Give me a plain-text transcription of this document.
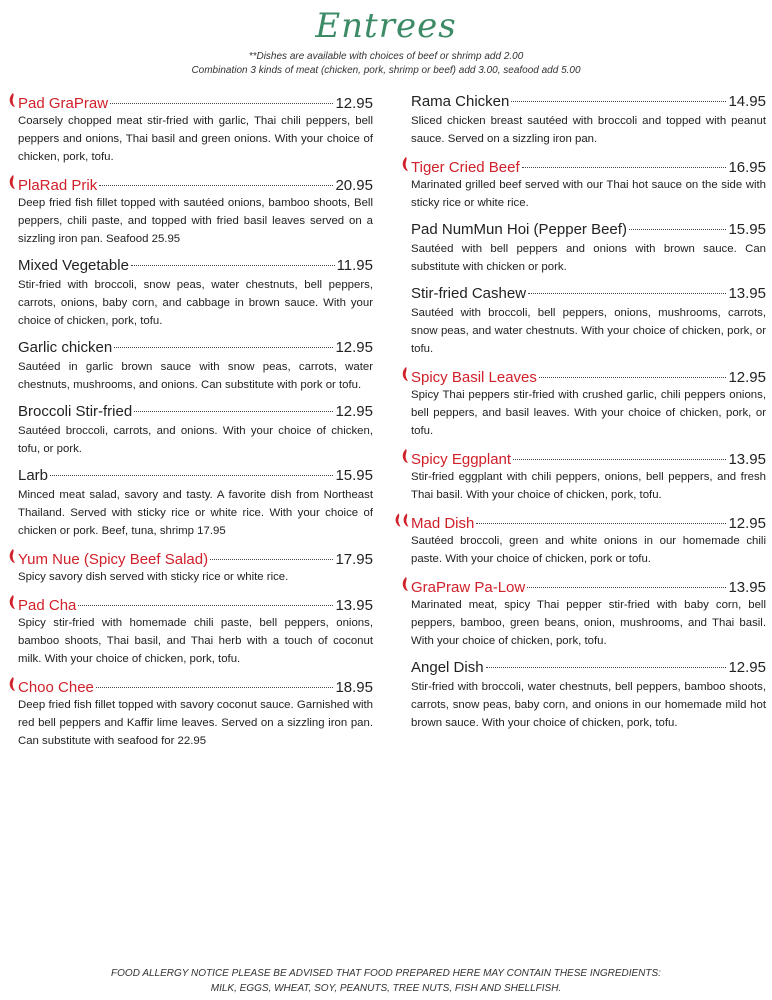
Entrees
**Dishes are available with choices of beef or shrimp add 2.00
Combination 3 kinds of meat (chicken, pork, shrimp or beef) add 3.00, seafood add 5.00
Pad GraPraw	12.95
Coarsely chopped meat stir-fried with garlic, Thai chili peppers, bell peppers and onions, Thai basil and green onions. With your choice of chicken, pork, tofu.
PlaRad Prik	20.95
Deep fried fish fillet topped with sautéed onions, bamboo shoots, Bell peppers, chili paste, and topped with fried basil leaves served on a sizzling iron pan. Seafood 25.95
Mixed Vegetable	11.95
Stir-fried with broccoli, snow peas, water chestnuts, bell peppers, carrots, onions, baby corn, and cabbage in brown sauce. With your choice of chicken, pork, tofu.
Garlic chicken	12.95
Sautéed in garlic brown sauce with snow peas, carrots, water chestnuts, mushrooms, and onions. Can substitute with pork or tofu.
Broccoli Stir-fried	12.95
Sautéed broccoli, carrots, and onions. With your choice of chicken, tofu, or pork.
Larb	15.95
Minced meat salad, savory and tasty. A favorite dish from Northeast Thailand. Served with sticky rice or white rice. With your choice of chicken or pork. Beef, tuna, shrimp 17.95
Yum Nue (Spicy Beef Salad)	17.95
Spicy savory dish served with sticky rice or white rice.
Pad Cha	13.95
Spicy stir-fried with homemade chili paste, bell peppers, onions, bamboo shoots, Thai basil, and Thai herb with a touch of coconut milk. With your choice of chicken, pork, tofu.
Choo Chee	18.95
Deep fried fish fillet topped with savory coconut sauce. Garnished with red bell peppers and Kaffir lime leaves. Served on a sizzling iron pan. Can substitute with seafood for 22.95
Rama Chicken	14.95
Sliced chicken breast sautéed with broccoli and topped with peanut sauce. Served on a sizzling iron pan.
Tiger Cried Beef	16.95
Marinated grilled beef served with our Thai hot sauce on the side with sticky rice or white rice.
Pad NumMun Hoi (Pepper Beef)	15.95
Sautéed with bell peppers and onions with brown sauce. Can substitute with chicken or pork.
Stir-fried Cashew	13.95
Sautéed with broccoli, bell peppers, onions, mushrooms, carrots, snow peas, and water chestnuts. With your choice of chicken, pork, or tofu.
Spicy Basil Leaves	12.95
Spicy Thai peppers stir-fried with crushed garlic, chili peppers onions, bell peppers, and basil leaves. With your choice of chicken, pork, or tofu.
Spicy Eggplant	13.95
Stir-fried eggplant with chili peppers, onions, bell peppers, and fresh Thai basil. With your choice of chicken, pork, tofu.
Mad Dish	12.95
Sautéed broccoli, green and white onions in our homemade chili paste. With your choice of chicken, pork or tofu.
GraPraw Pa-Low	13.95
Marinated meat, spicy Thai pepper stir-fried with baby corn, bell peppers, bamboo, green beans, onion, mushrooms, and Thai basil. With your choice of chicken, pork, tofu.
Angel Dish	12.95
Stir-fried with broccoli, water chestnuts, bell peppers, bamboo shoots, carrots, snow peas, baby corn, and onions in our homemade mild hot brown sauce. With your choice of chicken, pork, tofu.
FOOD ALLERGY NOTICE PLEASE BE ADVISED THAT FOOD PREPARED HERE MAY CONTAIN THESE INGREDIENTS:
MILK, EGGS, WHEAT, SOY, PEANUTS, TREE NUTS, FISH AND SHELLFISH.
